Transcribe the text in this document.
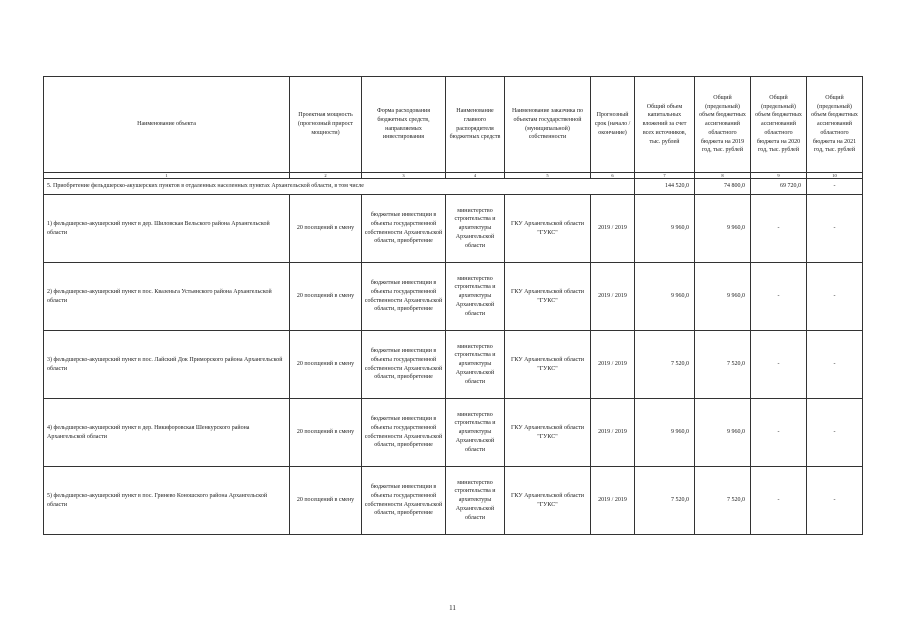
Наименование объекта	Проектная мощность (прогнозный прирост мощности)	Форма расходования бюджетных средств, направляемых инвестирования	Наименование главного распорядителя бюджетных средств	Наименование заказчика по объектам государственной (муниципальной) собственности	Прогнозный срок (начало / окончание)	Общий объем капитальных вложений за счет всех источников, тыс. рублей	Общий (предельный) объем бюджетных ассигнований областного бюджета на 2019 год, тыс. рублей	Общий (предельный) объем бюджетных ассигнований областного бюджета на 2020 год, тыс. рублей	Общий (предельный) объем бюджетных ассигнований областного бюджета на 2021 год, тыс. рублей
1	2	3	4	5	6	7	8	9	10
5. Приобретение фельдшерско-акушерских пунктов в отдаленных населенных пунктах Архангельской области, в том числе						144 520,0	74 800,0	69 720,0	-
1) фельдшерско-акушерский пункт в дер. Шиловская Вельского района Архангельской области	20 посещений в смену	бюджетные инвестиции в объекты государственной собственности Архангельской области, приобретение	министерство строительства и архитектуры Архангельской области	ГКУ Архангельской области "ГУКС"	2019 / 2019	9 960,0	9 960,0	-	-
2) фельдшерско-акушерский пункт в пос. Квазеньга Устьянского района Архангельской области	20 посещений в смену	бюджетные инвестиции в объекты государственной собственности Архангельской области, приобретение	министерство строительства и архитектуры Архангельской области	ГКУ Архангельской области "ГУКС"	2019 / 2019	9 960,0	9 960,0	-	-
3) фельдшерско-акушерский пункт в пос. Лайский Док Приморского района Архангельской области	20 посещений в смену	бюджетные инвестиции в объекты государственной собственности Архангельской области, приобретение	министерство строительства и архитектуры Архангельской области	ГКУ Архангельской области "ГУКС"	2019 / 2019	7 520,0	7 520,0	-	-
4) фельдшерско-акушерский пункт в дер. Никифоровская Шенкурского района Архангельской области	20 посещений в смену	бюджетные инвестиции в объекты государственной собственности Архангельской области, приобретение	министерство строительства и архитектуры Архангельской области	ГКУ Архангельской области "ГУКС"	2019 / 2019	9 960,0	9 960,0	-	-
5) фельдшерско-акушерский пункт в пос. Гринево Коношского района Архангельской области	20 посещений в смену	бюджетные инвестиции в объекты государственной собственности Архангельской области, приобретение	министерство строительства и архитектуры Архангельской области	ГКУ Архангельской области "ГУКС"	2019 / 2019	7 520,0	7 520,0	-	-
11
